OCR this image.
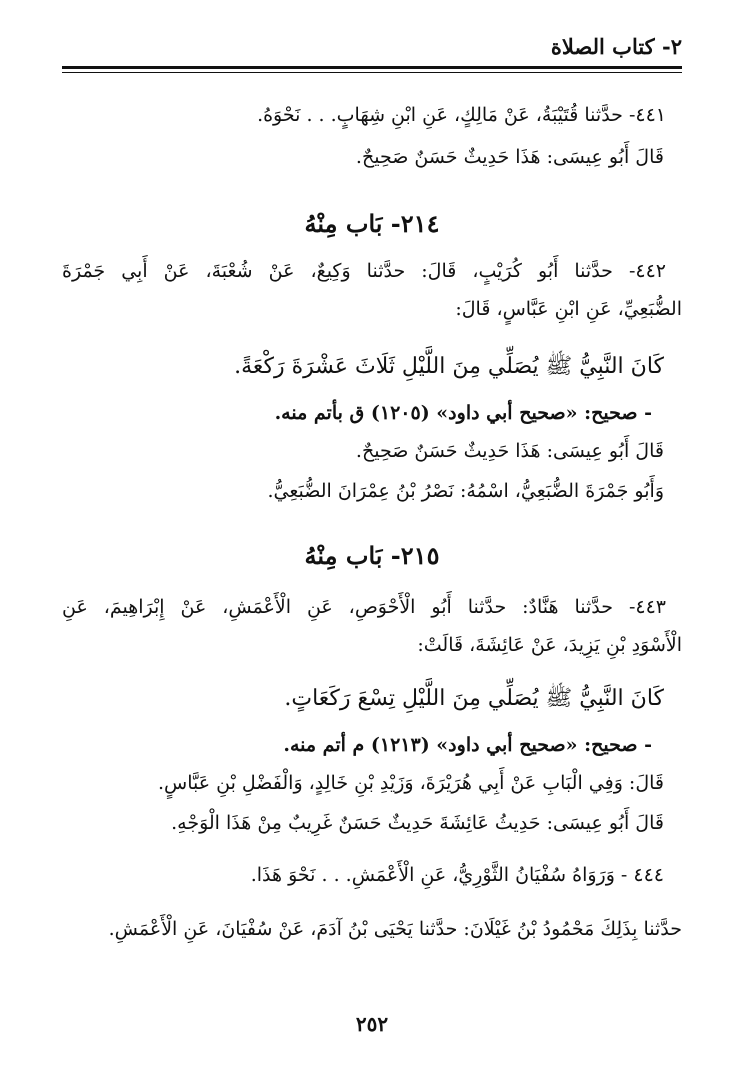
٢- كتاب الصلاة
٤٤١- حدَّثنا قُتَيْبَةُ، عَنْ مَالِكٍ، عَنِ ابْنِ شِهَابٍ. . . نَحْوَهُ.
قَالَ أَبُو عِيسَى: هَذَا حَدِيثٌ حَسَنٌ صَحِيحٌ.
٢١٤- بَاب مِنْهُ
٤٤٢- حدَّثنا أَبُو كُرَيْبٍ، قَالَ: حدَّثنا وَكِيعٌ، عَنْ شُعْبَةَ، عَنْ أَبِي جَمْرَةَ
الضُّبَعِيِّ، عَنِ ابْنِ عَبَّاسٍ، قَالَ:
كَانَ النَّبِيُّ ﷺ يُصَلِّي مِنَ اللَّيْلِ ثَلَاثَ عَشْرَةَ رَكْعَةً.
- صحيح: «صحيح أبي داود» (١٢٠٥) ق بأتم منه.
قَالَ أَبُو عِيسَى: هَذَا حَدِيثٌ حَسَنٌ صَحِيحٌ.
وَأَبُو جَمْرَةَ الضُّبَعِيُّ، اسْمُهُ: نَصْرُ بْنُ عِمْرَانَ الضُّبَعِيُّ.
٢١٥- بَاب مِنْهُ
٤٤٣- حدَّثنا هَنَّادٌ: حدَّثنا أَبُو الْأَحْوَصِ، عَنِ الْأَعْمَشِ، عَنْ إِبْرَاهِيمَ، عَنِ
الْأَسْوَدِ بْنِ يَزِيدَ، عَنْ عَائِشَةَ، قَالَتْ:
كَانَ النَّبِيُّ ﷺ يُصَلِّي مِنَ اللَّيْلِ تِسْعَ رَكَعَاتٍ.
- صحيح: «صحيح أبي داود» (١٢١٣) م أتم منه.
قَالَ: وَفِي الْبَابِ عَنْ أَبِي هُرَيْرَةَ، وَزَيْدِ بْنِ خَالِدٍ، وَالْفَضْلِ بْنِ عَبَّاسٍ.
قَالَ أَبُو عِيسَى: حَدِيثُ عَائِشَةَ حَدِيثٌ حَسَنٌ غَرِيبٌ مِنْ هَذَا الْوَجْهِ.
٤٤٤ - وَرَوَاهُ سُفْيَانُ الثَّوْرِيُّ، عَنِ الْأَعْمَشِ. . . نَحْوَ هَذَا.
حدَّثنا بِذَلِكَ مَحْمُودُ بْنُ غَيْلَانَ: حدَّثنا يَحْيَى بْنُ آدَمَ، عَنْ سُفْيَانَ، عَنِ الْأَعْمَشِ.
٢٥٢
